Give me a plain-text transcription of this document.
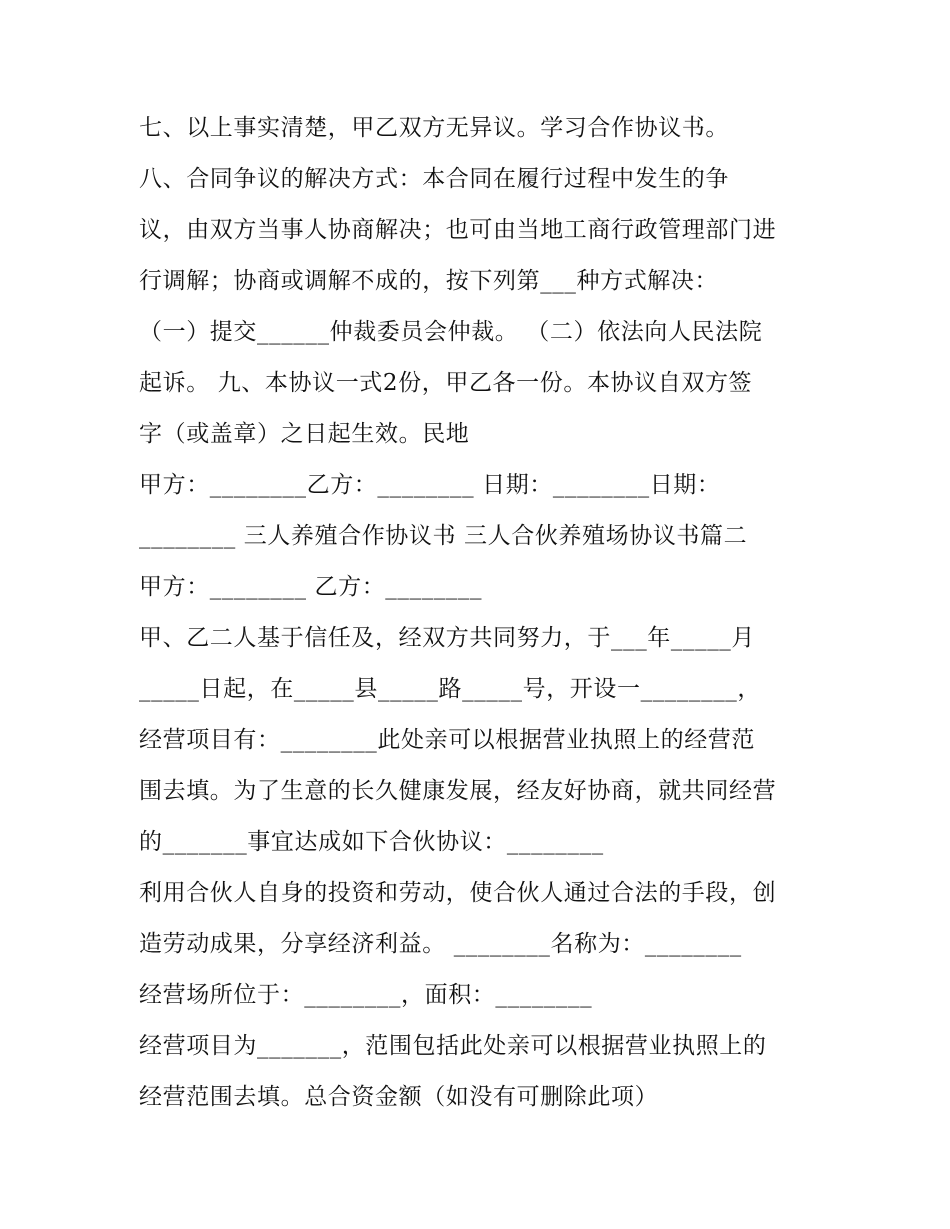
七、以上事实清楚，甲乙双方无异议。学习合作协议书。
八、合同争议的解决方式：本合同在履行过程中发生的争
议，由双方当事人协商解决；也可由当地工商行政管理部门进
行调解；协商或调解不成的，按下列第___种方式解决：
（一）提交______仲裁委员会仲裁。 （二）依法向人民法院
起诉。 九、本协议一式2份，甲乙各一份。本协议自双方签
字（或盖章）之日起生效。民地
甲方：________乙方：________ 日期：________日期：
________ 三人养殖合作协议书 三人合伙养殖场协议书篇二
甲方：________ 乙方：________
甲、乙二人基于信任及，经双方共同努力，于___年_____月
_____日起，在_____县_____路_____号，开设一________，
经营项目有：________此处亲可以根据营业执照上的经营范
围去填。为了生意的长久健康发展，经友好协商，就共同经营
的_______事宜达成如下合伙协议：________
利用合伙人自身的投资和劳动，使合伙人通过合法的手段，创
造劳动成果，分享经济利益。 ________名称为：________
经营场所位于：________，面积：________
经营项目为_______，范围包括此处亲可以根据营业执照上的
经营范围去填。总合资金额（如没有可删除此项）
